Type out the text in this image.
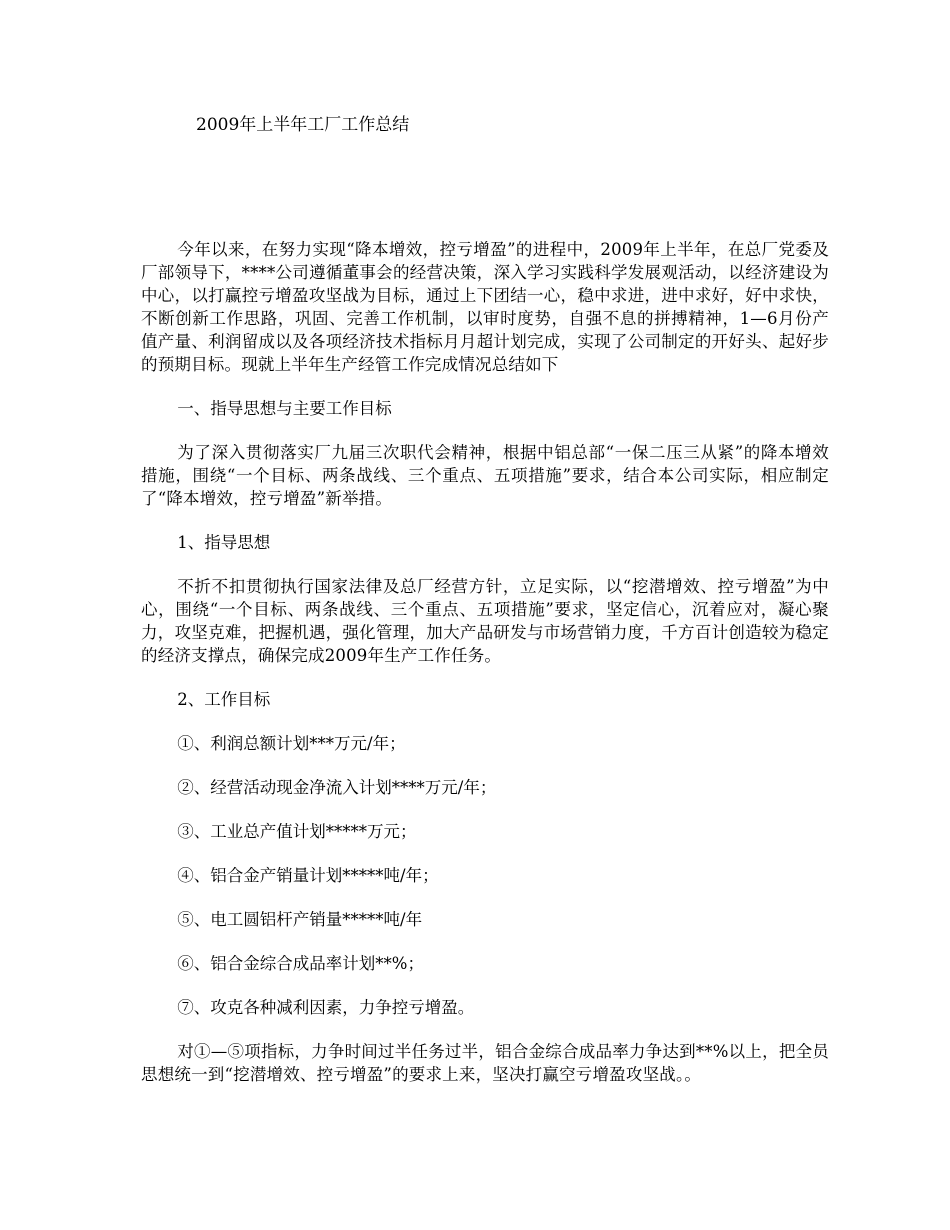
2009年上半年工厂工作总结

今年以来，在努力实现“降本增效，控亏增盈”的进程中，2009年上半年，在总厂党委及厂部领导下，****公司遵循董事会的经营决策，深入学习实践科学发展观活动，以经济建设为中心，以打赢控亏增盈攻坚战为目标，通过上下团结一心，稳中求进，进中求好，好中求快，不断创新工作思路，巩固、完善工作机制，以审时度势，自强不息的拼搏精神，1—6月份产值产量、利润留成以及各项经济技术指标月月超计划完成，实现了公司制定的开好头、起好步的预期目标。现就上半年生产经管工作完成情况总结如下

一、指导思想与主要工作目标

为了深入贯彻落实厂九届三次职代会精神，根据中铝总部“一保二压三从紧”的降本增效措施，围绕“一个目标、两条战线、三个重点、五项措施”要求，结合本公司实际，相应制定了“降本增效，控亏增盈”新举措。

1、指导思想

不折不扣贯彻执行国家法律及总厂经营方针，立足实际，以“挖潜增效、控亏增盈”为中心，围绕“一个目标、两条战线、三个重点、五项措施”要求，坚定信心，沉着应对，凝心聚力，攻坚克难，把握机遇，强化管理，加大产品研发与市场营销力度，千方百计创造较为稳定的经济支撑点，确保完成2009年生产工作任务。

2、工作目标

①、利润总额计划***万元/年；

②、经营活动现金净流入计划****万元/年；

③、工业总产值计划*****万元；

④、铝合金产销量计划*****吨/年；

⑤、电工圆铝杆产销量*****吨/年

⑥、铝合金综合成品率计划**%；

⑦、攻克各种减利因素，力争控亏增盈。

对①—⑤项指标，力争时间过半任务过半，铝合金综合成品率力争达到**%以上，把全员思想统一到“挖潜增效、控亏增盈”的要求上来，坚决打赢空亏增盈攻坚战。。
